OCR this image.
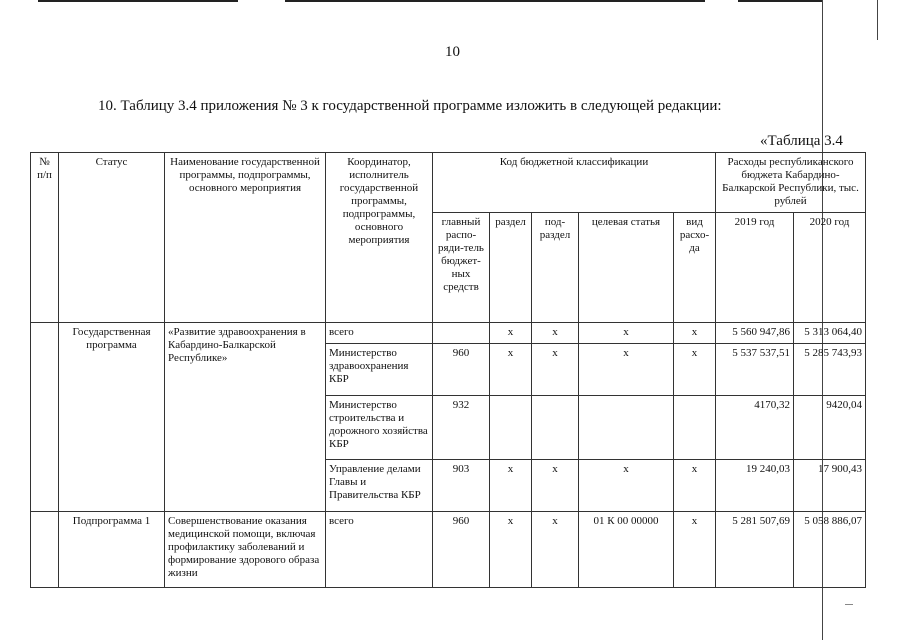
10
10. Таблицу 3.4 приложения № 3 к государственной программе изложить в следующей редакции:
«Таблица 3.4
№ п/п	Статус	Наименование государственной программы, подпрограммы, основного мероприятия	Координатор, исполнитель государственной программы, подпрограммы, основного мероприятия	Код бюджетной классификации					Расходы республиканского бюджета Кабардино-Балкарской Республики, тыс. рублей	
				главный распо-ряди-тель бюджет-ных средств	раздел	под-раздел	целевая статья	вид расхо-да	2019 год	2020 год
	Государственная программа	«Развитие здравоохранения в Кабардино-Балкарской Республике»	всего		х	х	х	х	5 560 947,86	5 313 064,40
			Министерство здравоохранения КБР	960	х	х	х	х	5 537 537,51	5 285 743,93
			Министерство строительства и дорожного хозяйства КБР	932					4170,32	9420,04
			Управление делами Главы и Правительства КБР	903	х	х	х	х	19 240,03	17 900,43
	Подпрограмма 1	Совершенствование оказания медицинской помощи, включая профилактику заболеваний и формирование здорового образа жизни	всего	960	х	х	01 К 00 00000	х	5 281 507,69	5 058 886,07
